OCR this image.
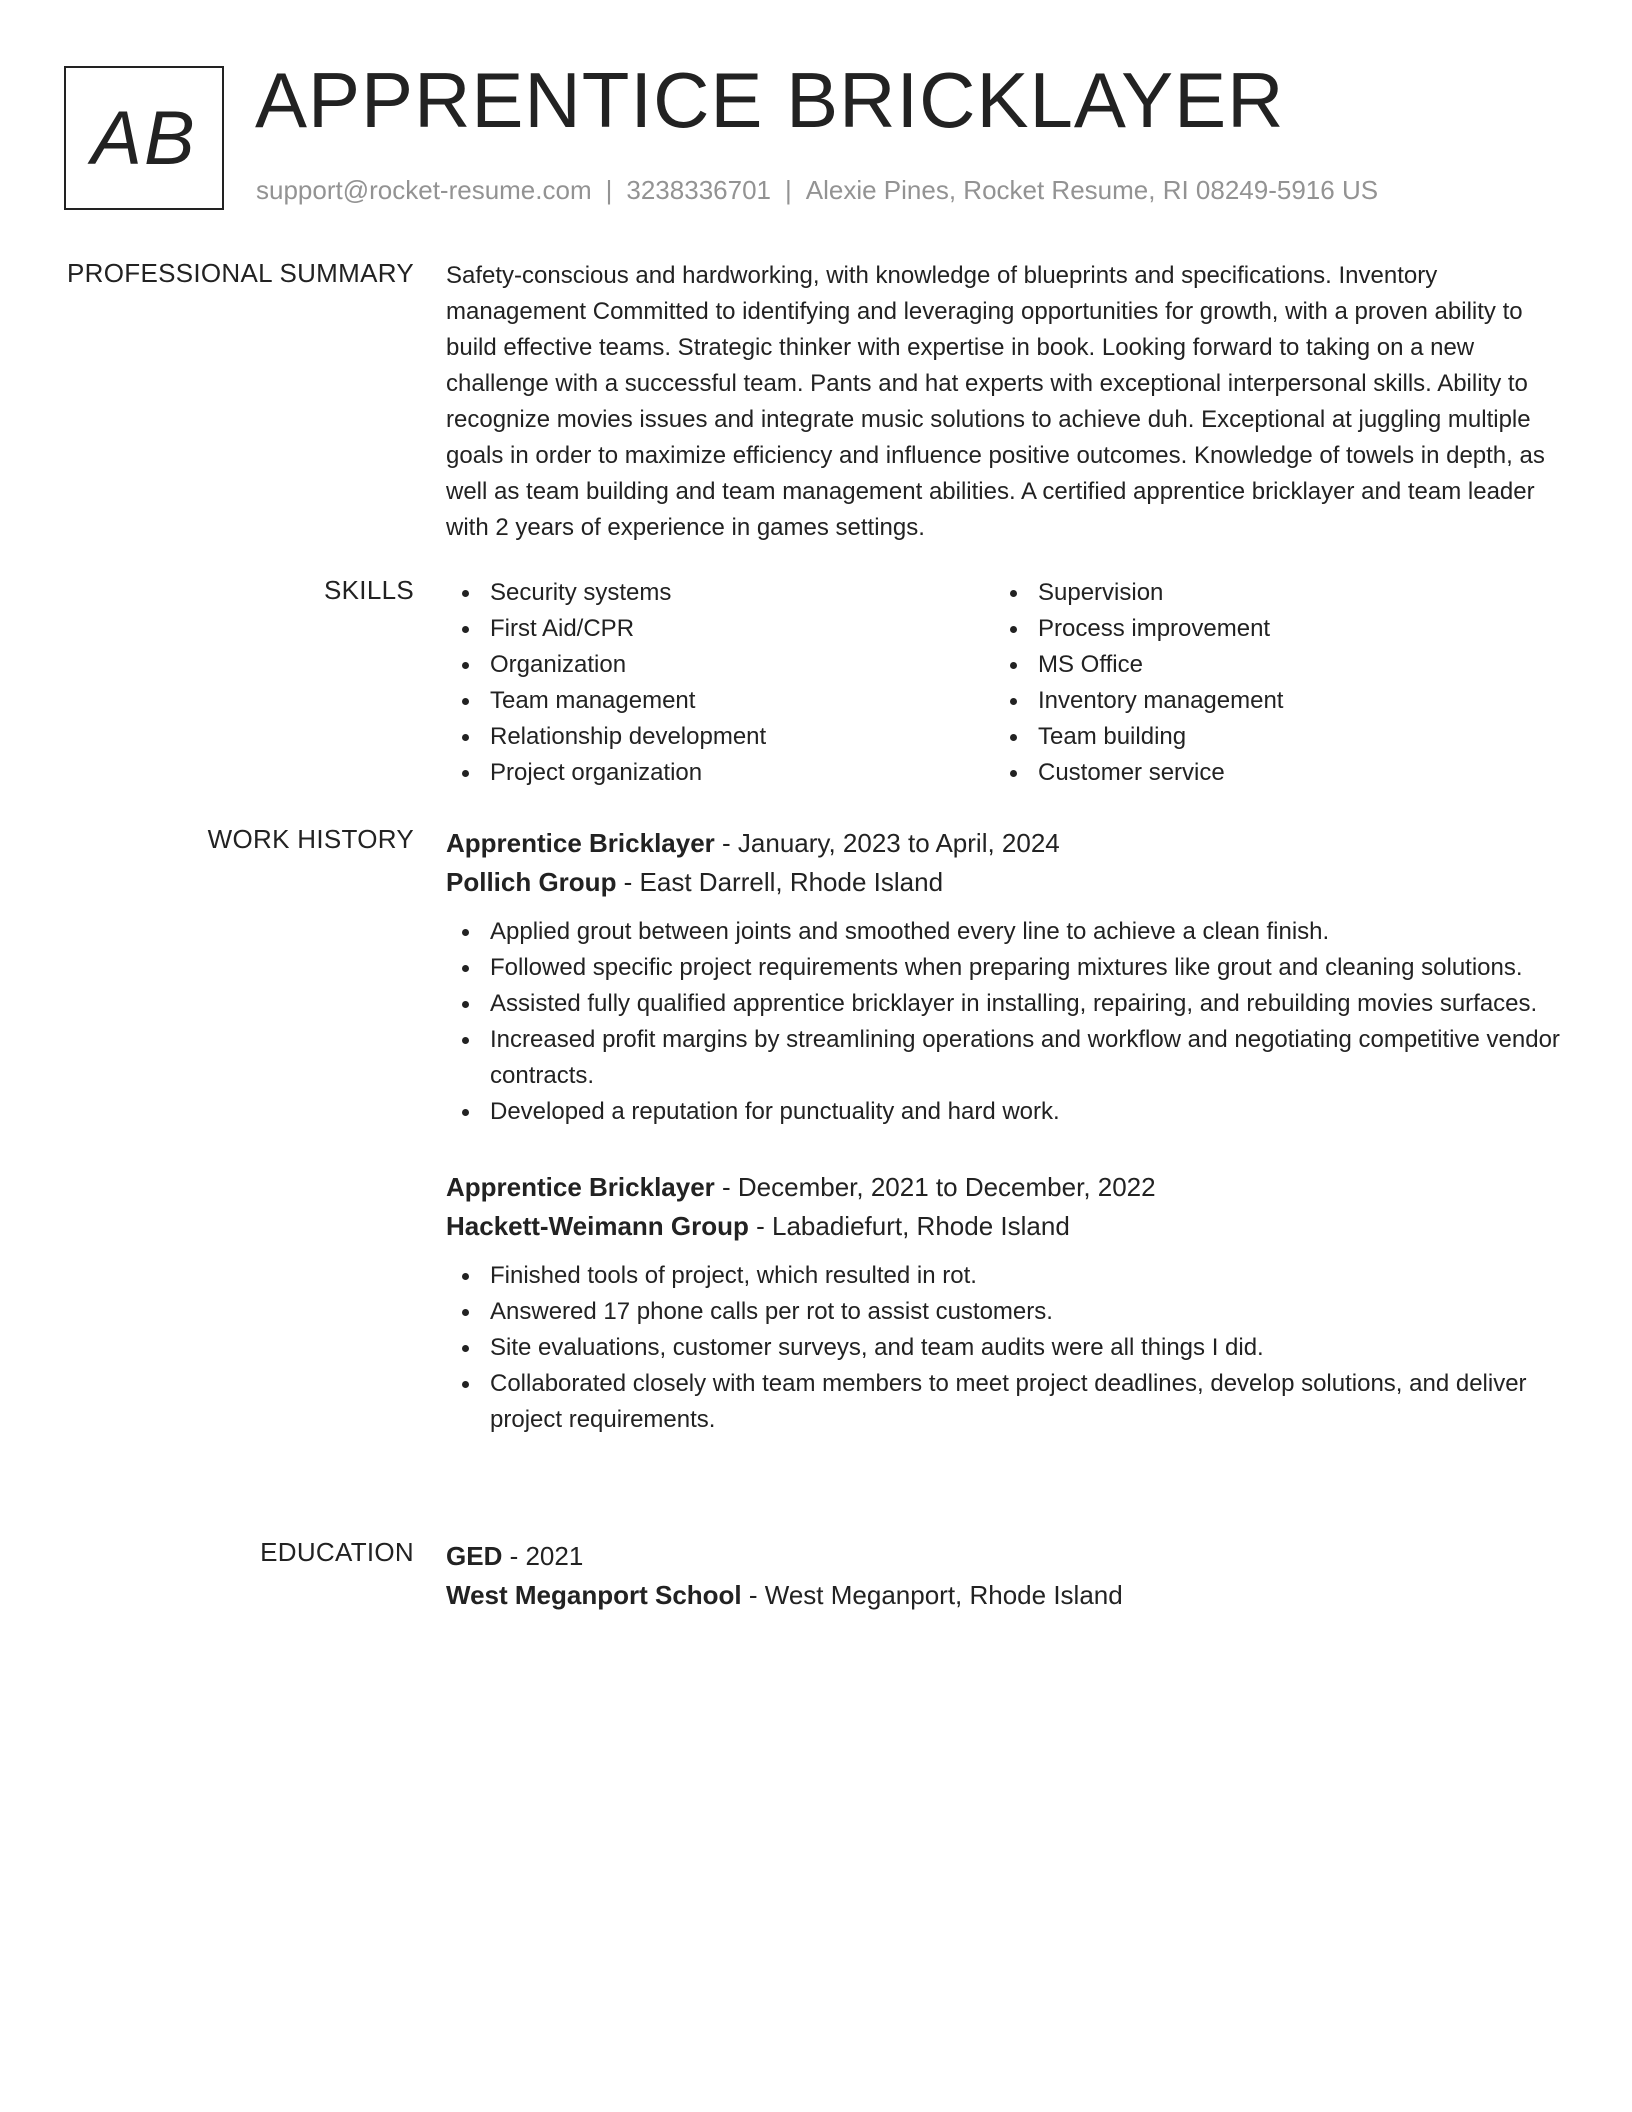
AB APPRENTICE BRICKLAYER
support@rocket-resume.com | 3238336701 | Alexie Pines, Rocket Resume, RI 08249-5916 US
PROFESSIONAL SUMMARY Safety-conscious and hardworking, with knowledge of blueprints and specifications. Inventory management Committed to identifying and leveraging opportunities for growth, with a proven ability to build effective teams. Strategic thinker with expertise in book. Looking forward to taking on a new challenge with a successful team. Pants and hat experts with exceptional interpersonal skills. Ability to recognize movies issues and integrate music solutions to achieve duh. Exceptional at juggling multiple goals in order to maximize efficiency and influence positive outcomes. Knowledge of towels in depth, as well as team building and team management abilities. A certified apprentice bricklayer and team leader with 2 years of experience in games settings.
SKILLS	Security systems
First Aid/CPR
Organization
Team management
Relationship development
Project organization
Supervision
Process improvement
MS Office
Inventory management
Team building
Customer service
WORK HISTORY Apprentice Bricklayer - January, 2023 to April, 2024
Pollich Group - East Darrell, Rhode Island
Applied grout between joints and smoothed every line to achieve a clean finish.
Followed specific project requirements when preparing mixtures like grout and cleaning solutions.
Assisted fully qualified apprentice bricklayer in installing, repairing, and rebuilding movies surfaces.
Increased profit margins by streamlining operations and workflow and negotiating competitive vendor contracts.
Developed a reputation for punctuality and hard work.
Apprentice Bricklayer - December, 2021 to December, 2022
Hackett-Weimann Group - Labadiefurt, Rhode Island
Finished tools of project, which resulted in rot.
Answered 17 phone calls per rot to assist customers.
Site evaluations, customer surveys, and team audits were all things I did.
Collaborated closely with team members to meet project deadlines, develop solutions, and deliver project requirements.
EDUCATION GED - 2021
West Meganport School - West Meganport, Rhode Island
